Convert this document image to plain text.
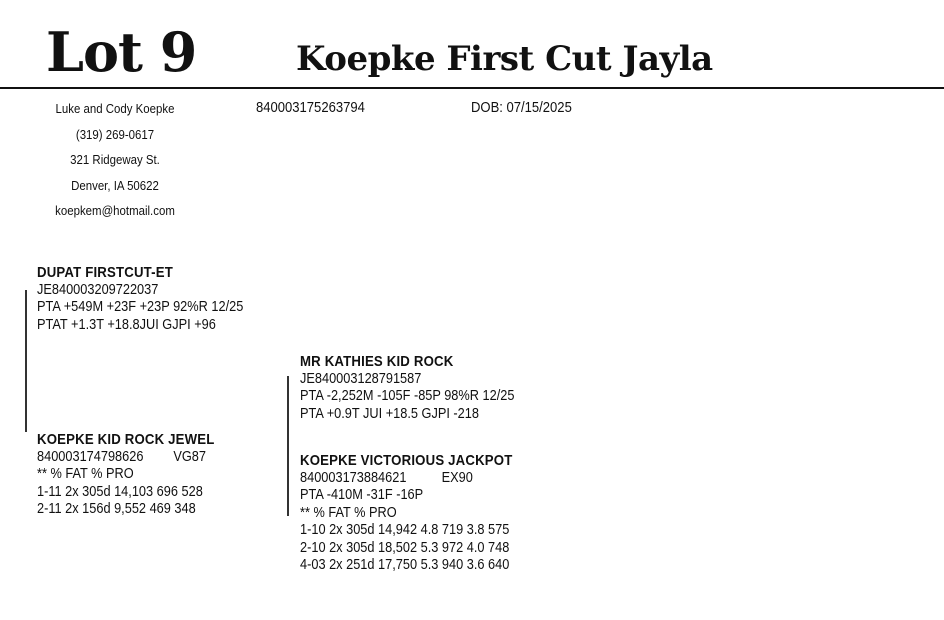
Lot 9	Koepke First Cut Jayla
Luke and Cody Koepke
(319) 269-0617
321 Ridgeway St.
Denver, IA 50622
koepkem@hotmail.com
840003175263794	DOB: 07/15/2025
DUPAT FIRSTCUT-ET
JE840003209722037
PTA +549M +23F +23P 92%R 12/25
PTAT +1.3T +18.8JUI GJPI +96
MR KATHIES KID ROCK
JE840003128791587
PTA -2,252M -105F -85P 98%R 12/25
PTA +0.9T JUI +18.5 GJPI -218
KOEPKE KID ROCK JEWEL
840003174798626 VG87
** % FAT % PRO
1-11 2x 305d 14,103 696 528
2-11 2x 156d 9,552 469 348
KOEPKE VICTORIOUS JACKPOT
840003173884621 EX90
PTA -410M -31F -16P
** % FAT % PRO
1-10 2x 305d 14,942 4.8 719 3.8 575
2-10 2x 305d 18,502 5.3 972 4.0 748
4-03 2x 251d 17,750 5.3 940 3.6 640
